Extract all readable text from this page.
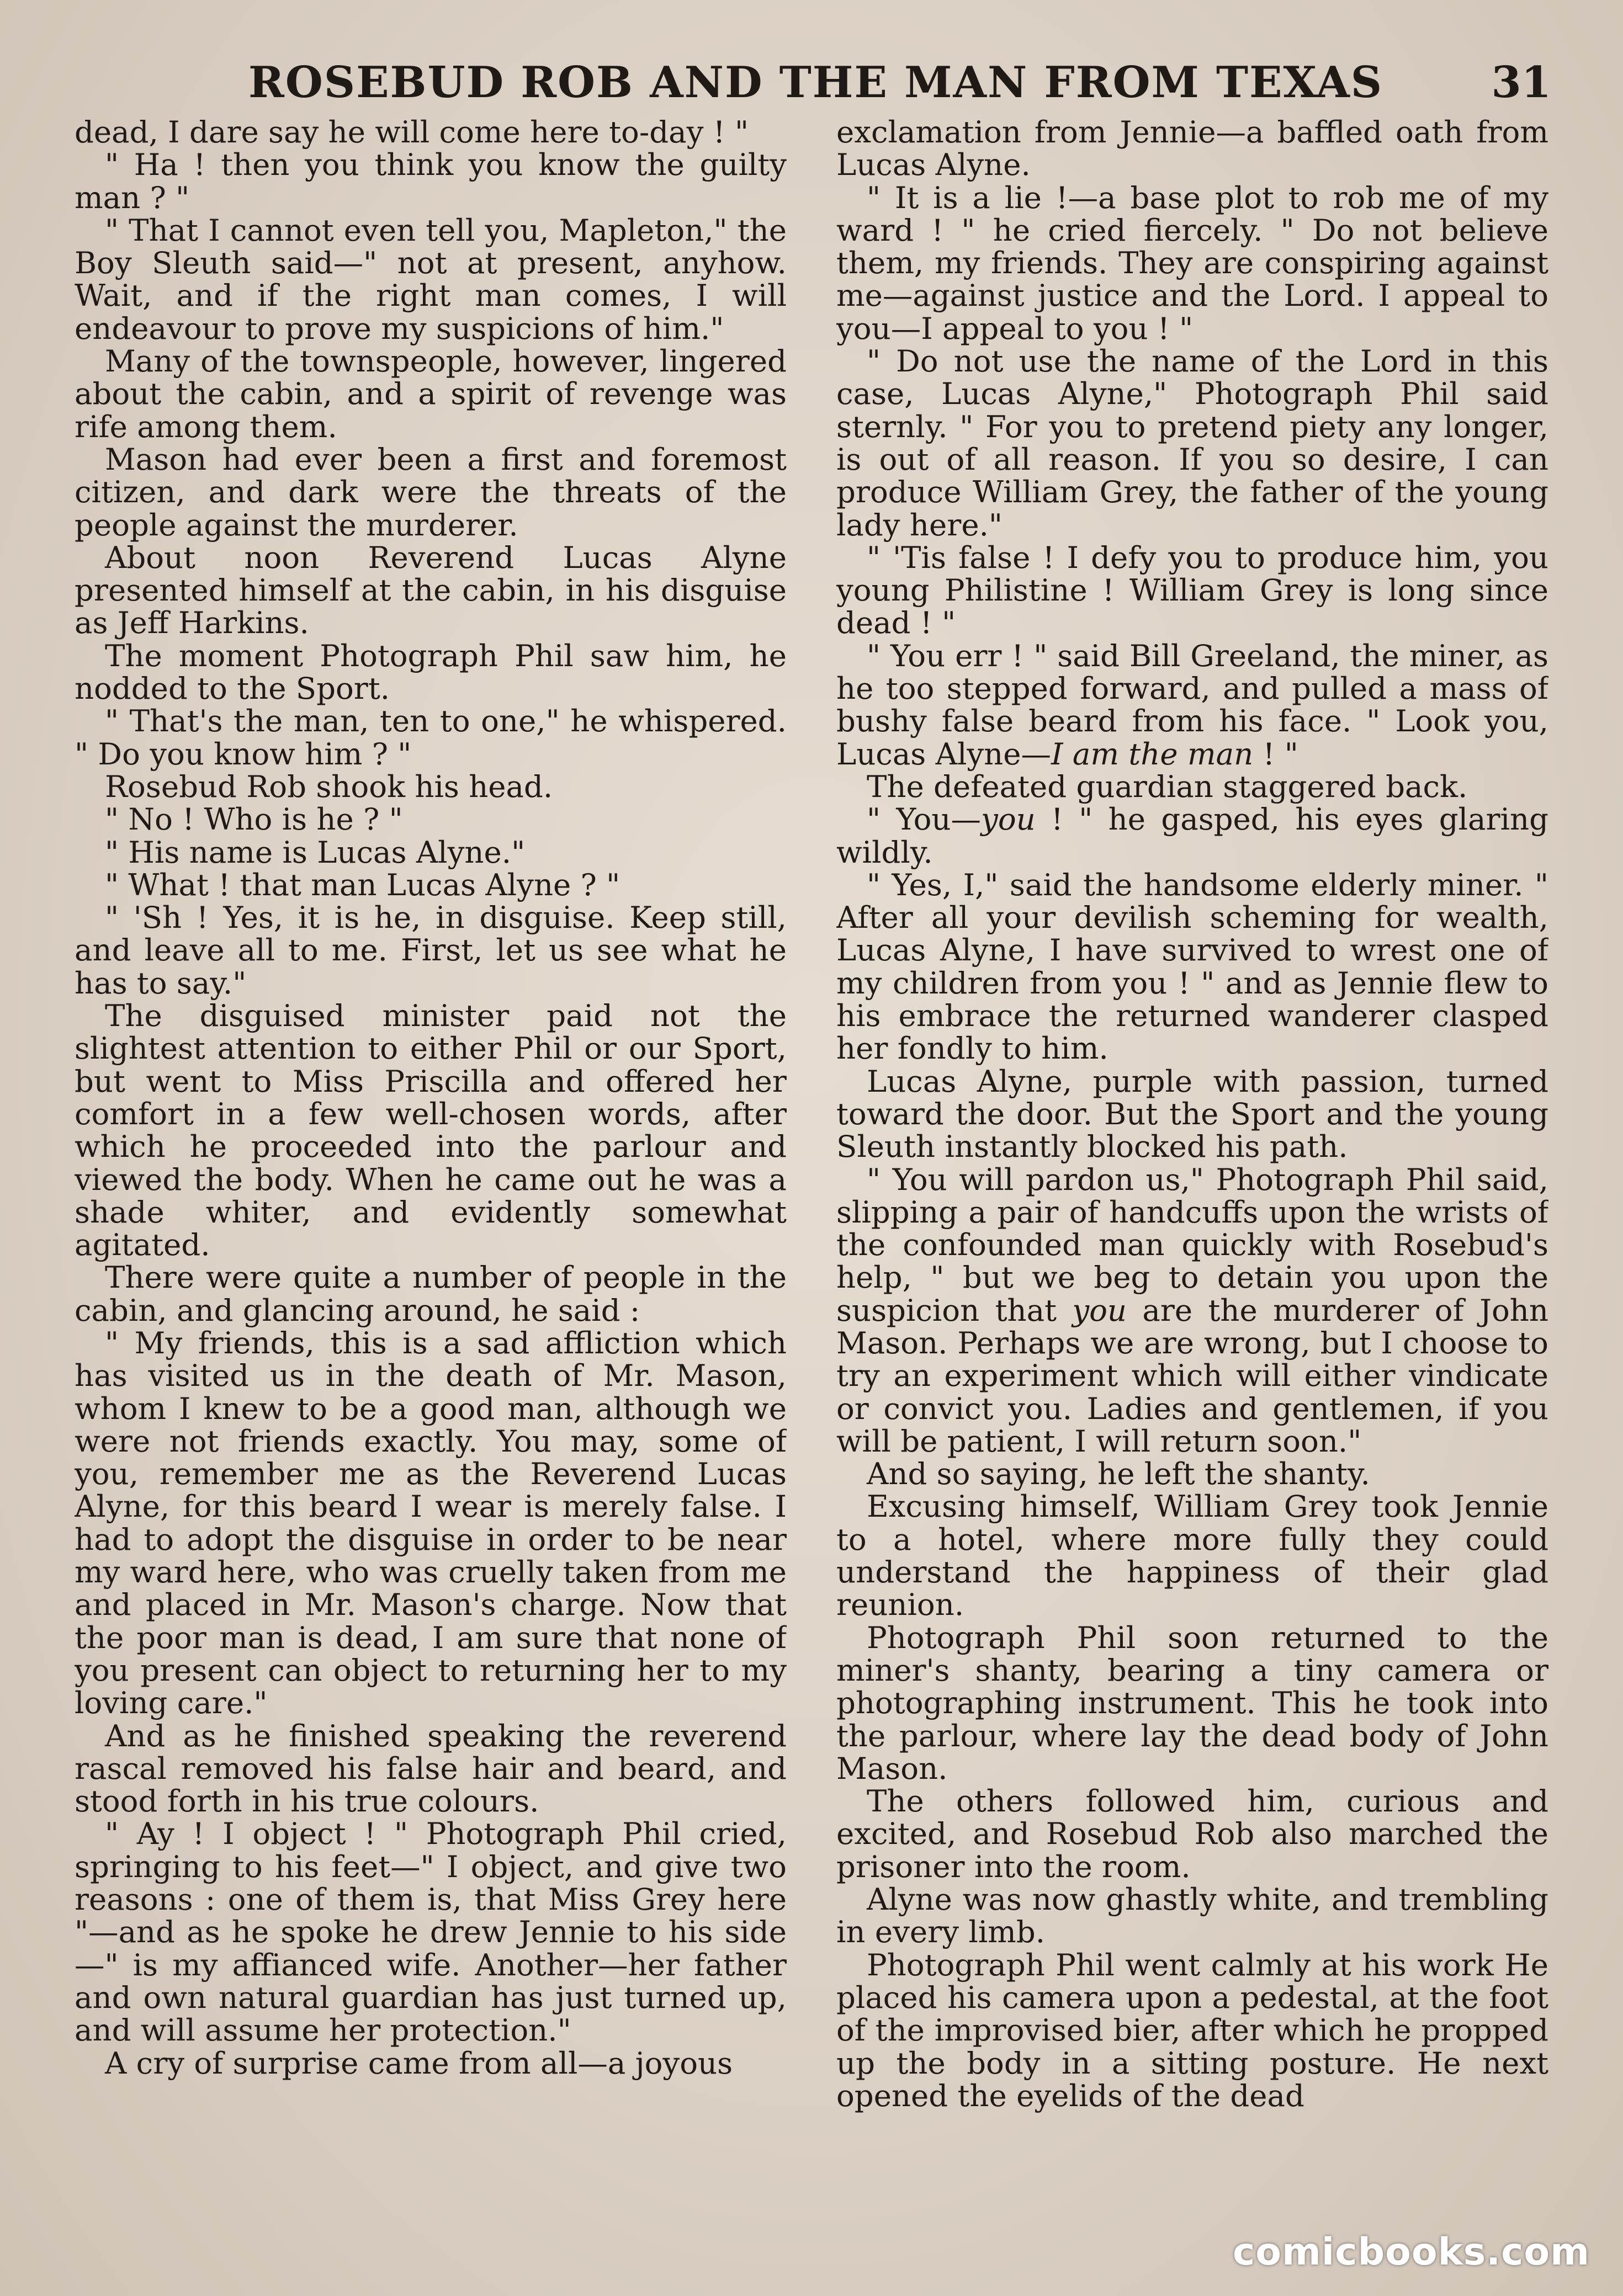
ROSEBUD ROB AND THE MAN FROM TEXAS	31

dead, I dare say he will come here to-day ! "

" Ha ! then you think you know the guilty man ? "

" That I cannot even tell you, Mapleton," the Boy Sleuth said—" not at present, anyhow. Wait, and if the right man comes, I will endeavour to prove my suspicions of him."

Many of the townspeople, however, lingered about the cabin, and a spirit of revenge was rife among them.

Mason had ever been a first and foremost citizen, and dark were the threats of the people against the murderer.

About noon Reverend Lucas Alyne presented himself at the cabin, in his disguise as Jeff Harkins.

The moment Photograph Phil saw him, he nodded to the Sport.

" That's the man, ten to one," he whispered. " Do you know him ? "

Rosebud Rob shook his head.

" No ! Who is he ? "

" His name is Lucas Alyne."

" What ! that man Lucas Alyne ? "

" 'Sh ! Yes, it is he, in disguise. Keep still, and leave all to me. First, let us see what he has to say."

The disguised minister paid not the slightest attention to either Phil or our Sport, but went to Miss Priscilla and offered her comfort in a few well-chosen words, after which he proceeded into the parlour and viewed the body. When he came out he was a shade whiter, and evidently somewhat agitated.

There were quite a number of people in the cabin, and glancing around, he said :

" My friends, this is a sad affliction which has visited us in the death of Mr. Mason, whom I knew to be a good man, although we were not friends exactly. You may, some of you, remember me as the Reverend Lucas Alyne, for this beard I wear is merely false. I had to adopt the disguise in order to be near my ward here, who was cruelly taken from me and placed in Mr. Mason's charge. Now that the poor man is dead, I am sure that none of you present can object to returning her to my loving care."

And as he finished speaking the reverend rascal removed his false hair and beard, and stood forth in his true colours.

" Ay ! I object ! " Photograph Phil cried, springing to his feet—" I object, and give two reasons : one of them is, that Miss Grey here "—and as he spoke he drew Jennie to his side—" is my affianced wife. Another—her father and own natural guardian has just turned up, and will assume her protection."

A cry of surprise came from all—a joyous

exclamation from Jennie—a baffled oath from Lucas Alyne.

" It is a lie !—a base plot to rob me of my ward ! " he cried fiercely. " Do not believe them, my friends. They are conspiring against me—against justice and the Lord. I appeal to you—I appeal to you ! "

" Do not use the name of the Lord in this case, Lucas Alyne," Photograph Phil said sternly. " For you to pretend piety any longer, is out of all reason. If you so desire, I can produce William Grey, the father of the young lady here."

" 'Tis false ! I defy you to produce him, you young Philistine ! William Grey is long since dead ! "

" You err ! " said Bill Greeland, the miner, as he too stepped forward, and pulled a mass of bushy false beard from his face. " Look you, Lucas Alyne—I am the man ! "

The defeated guardian staggered back.

" You—you ! " he gasped, his eyes glaring wildly.

" Yes, I," said the handsome elderly miner. " After all your devilish scheming for wealth, Lucas Alyne, I have survived to wrest one of my children from you ! " and as Jennie flew to his embrace the returned wanderer clasped her fondly to him.

Lucas Alyne, purple with passion, turned toward the door. But the Sport and the young Sleuth instantly blocked his path.

" You will pardon us," Photograph Phil said, slipping a pair of handcuffs upon the wrists of the confounded man quickly with Rosebud's help, " but we beg to detain you upon the suspicion that you are the murderer of John Mason. Perhaps we are wrong, but I choose to try an experiment which will either vindicate or convict you. Ladies and gentlemen, if you will be patient, I will return soon."

And so saying, he left the shanty.

Excusing himself, William Grey took Jennie to a hotel, where more fully they could understand the happiness of their glad reunion.

Photograph Phil soon returned to the miner's shanty, bearing a tiny camera or photographing instrument. This he took into the parlour, where lay the dead body of John Mason.

The others followed him, curious and excited, and Rosebud Rob also marched the prisoner into the room.

Alyne was now ghastly white, and trembling in every limb.

Photograph Phil went calmly at his work He placed his camera upon a pedestal, at the foot of the improvised bier, after which he propped up the body in a sitting posture. He next opened the eyelids of the dead

comicbooks.com
